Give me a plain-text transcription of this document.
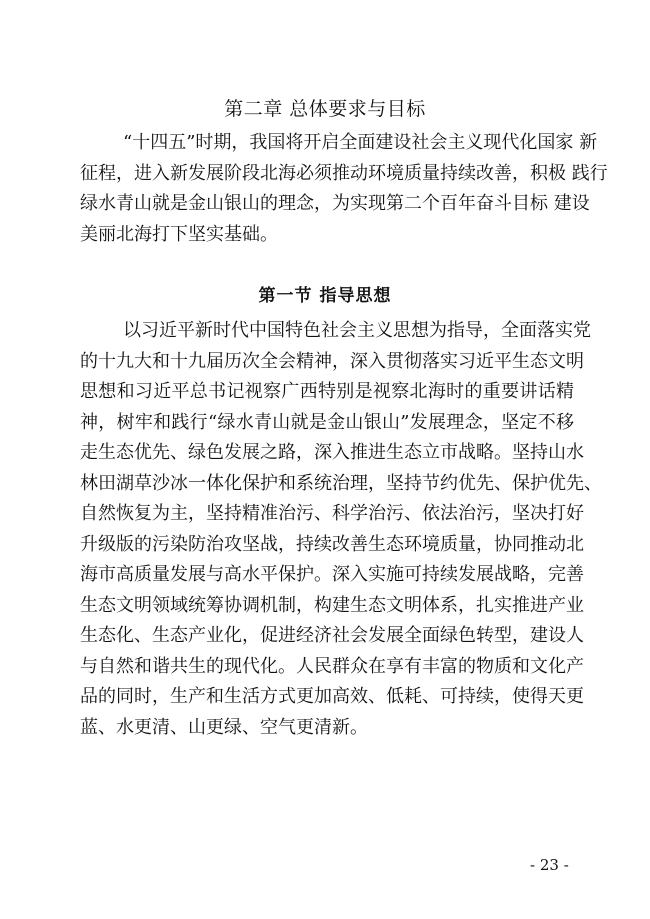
第二章 总体要求与目标
“十四五”时期，我国将开启全面建设社会主义现代化国家 新
征程，进入新发展阶段北海必须推动环境质量持续改善，积极 践行
绿水青山就是金山银山的理念，为实现第二个百年奋斗目标 建设
美丽北海打下坚实基础。
第一节 指导思想
以习近平新时代中国特色社会主义思想为指导，全面落实党
的十九大和十九届历次全会精神，深入贯彻落实习近平生态文明
思想和习近平总书记视察广西特别是视察北海时的重要讲话精
神，树牢和践行“绿水青山就是金山银山”发展理念，坚定不移
走生态优先、绿色发展之路，深入推进生态立市战略。坚持山水
林田湖草沙冰一体化保护和系统治理，坚持节约优先、保护优先、
自然恢复为主，坚持精准治污、科学治污、依法治污，坚决打好
升级版的污染防治攻坚战，持续改善生态环境质量，协同推动北
海市高质量发展与高水平保护。深入实施可持续发展战略，完善
生态文明领域统筹协调机制，构建生态文明体系，扎实推进产业
生态化、生态产业化，促进经济社会发展全面绿色转型，建设人
与自然和谐共生的现代化。人民群众在享有丰富的物质和文化产
品的同时，生产和生活方式更加高效、低耗、可持续，使得天更
蓝、水更清、山更绿、空气更清新。
- 23 -
